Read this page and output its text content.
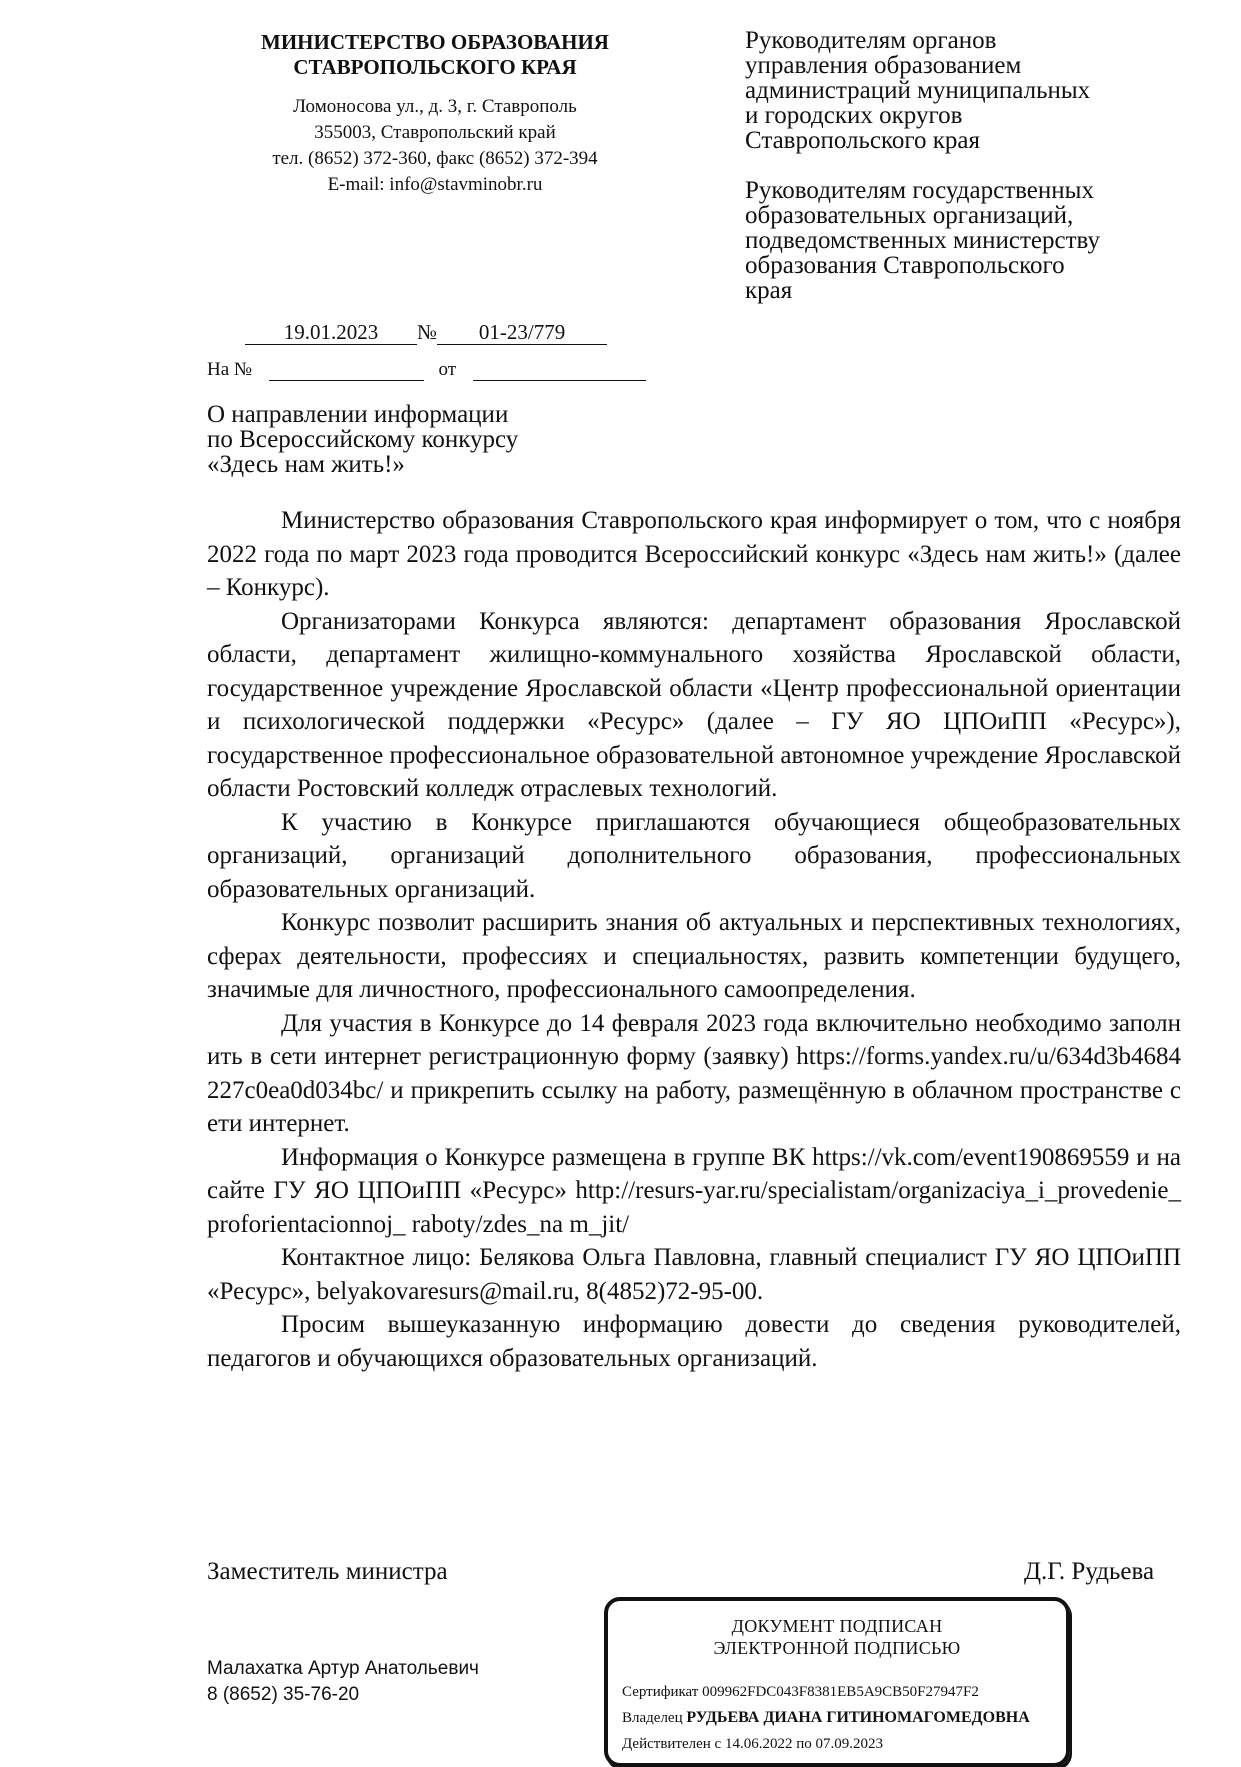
МИНИСТЕРСТВО ОБРАЗОВАНИЯ
СТАВРОПОЛЬСКОГО КРАЯ
Ломоносова ул., д. 3, г. Ставрополь
355003, Ставропольский край
тел. (8652) 372-360, факс (8652) 372-394
E-mail: info@stavminobr.ru
Руководителям органов
управления образованием
администраций муниципальных
и городских округов
Ставропольского края
Руководителям государственных
образовательных организаций,
подведомственных министерству
образования Ставропольского
края
19.01.2023 № 01-23/779
На №	от
О направлении информации
по Всероссийскому конкурсу
«Здесь нам жить!»

Министерство образования Ставропольского края информирует о том, что с ноября 2022 года по март 2023 года проводится Всероссийский конкурс «Здесь нам жить!» (далее – Конкурс).

Организаторами Конкурса являются: департамент образования Ярославской области, департамент жилищно-коммунального хозяйства Ярославской области, государственное учреждение Ярославской области «Центр профессиональной ориентации и психологической поддержки «Ресурс» (далее – ГУ ЯО ЦПОиПП «Ресурс»), государственное профессиональное образовательной автономное учреждение Ярославской области Ростовский колледж отраслевых технологий.

К участию в Конкурсе приглашаются обучающиеся общеобразовательных организаций, организаций дополнительного образования, профессиональных образовательных организаций.

Конкурс позволит расширить знания об актуальных и перспективных технологиях, сферах деятельности, профессиях и специальностях, развить компетенции будущего, значимые для личностного, профессионального самоопределения.

Для участия в Конкурсе до 14 февраля 2023 года включительно необходимо заполнить в сети интернет регистрационную форму (заявку) https://forms.yandex.ru/u/634d3b4684227c0ea0d034bc/ и прикрепить ссылку на работу, размещённую в облачном пространстве сети интернет.

Информация о Конкурсе размещена в группе ВК https://vk.com/event190869559 и на сайте ГУ ЯО ЦПОиПП «Ресурс» http://resurs-yar.ru/specialistam/organizaciya_i_provedenie_proforientacionnoj_ raboty/zdes_na m_jit/

Контактное лицо: Белякова Ольга Павловна, главный специалист ГУ ЯО ЦПОиПП «Ресурс», belyakovaresurs@mail.ru, 8(4852)72-95-00.

Просим вышеуказанную информацию довести до сведения руководителей, педагогов и обучающихся образовательных организаций.

Заместитель министра	Д.Г. Рудьева
Малахатка Артур Анатольевич
8 (8652) 35-76-20
ДОКУМЕНТ ПОДПИСАН
ЭЛЕКТРОННОЙ ПОДПИСЬЮ
Сертификат 009962FDC043F8381EB5A9CB50F27947F2
Владелец РУДЬЕВА ДИАНА ГИТИНОМАГОМЕДОВНА
Действителен с 14.06.2022 по 07.09.2023
